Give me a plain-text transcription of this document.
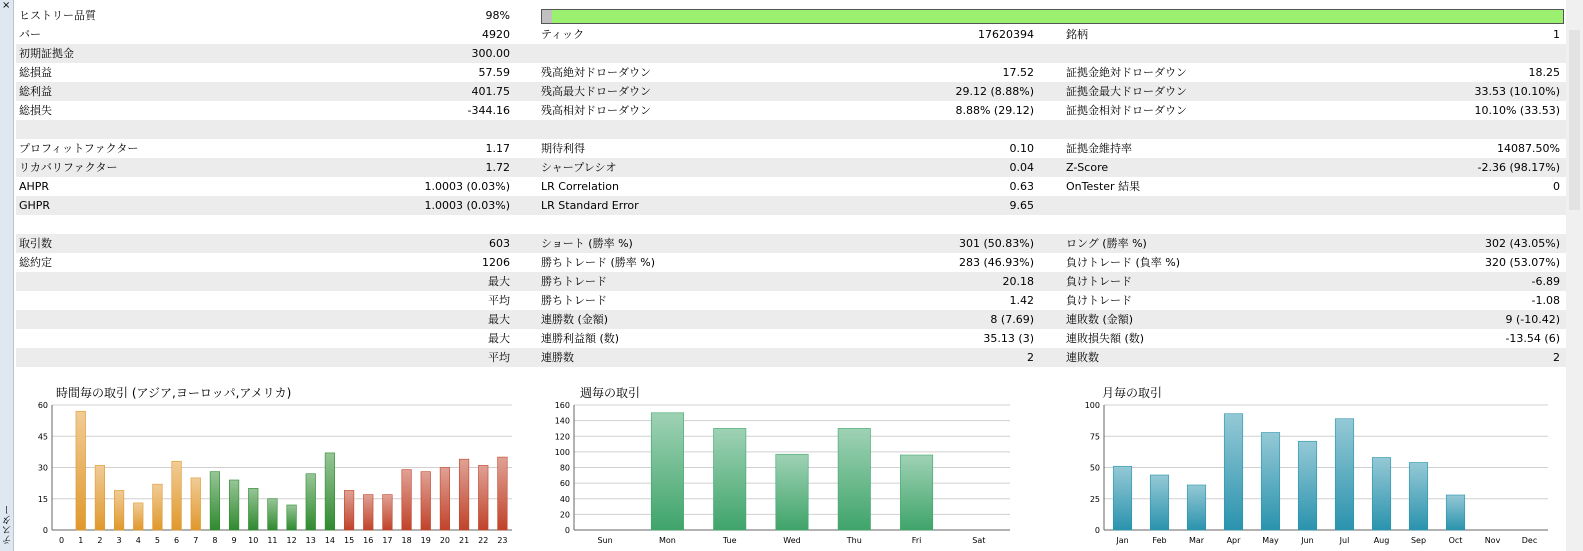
×
テスター
ヒストリー品質	98%
バー	4920	ティック	17620394	銘柄	1
初期証拠金	300.00
総損益	57.59	残高絶対ドローダウン	17.52	証拠金絶対ドローダウン	18.25
総利益	401.75	残高最大ドローダウン	29.12 (8.88%)	証拠金最大ドローダウン	33.53 (10.10%)
総損失	-344.16	残高相対ドローダウン	8.88% (29.12)	証拠金相対ドローダウン	10.10% (33.53)
プロフィットファクター	1.17	期待利得	0.10	証拠金維持率	14087.50%
リカバリファクター	1.72	シャープレシオ	0.04	Z-Score	-2.36 (98.17%)
AHPR	1.0003 (0.03%)	LR Correlation	0.63	OnTester 結果	0
GHPR	1.0003 (0.03%)	LR Standard Error	9.65
取引数	603	ショート (勝率 %)	301 (50.83%)	ロング (勝率 %)	302 (43.05%)
総約定	1206	勝ちトレード (勝率 %)	283 (46.93%)	負けトレード (負率 %)	320 (53.07%)
最大	勝ちトレード	20.18	負けトレード	-6.89
平均	勝ちトレード	1.42	負けトレード	-1.08
最大	連勝数 (金額)	8 (7.69)	連敗数 (金額)	9 (-10.42)
最大	連勝利益額 (数)	35.13 (3)	連敗損失額 (数)	-13.54 (6)
平均	連勝数	2	連敗数	2
時間毎の取引 (アジア,ヨーロッパ,アメリカ)	週毎の取引	月毎の取引
0
15
30
45
60
0 1 2 3 4 5 6 7 8 9 10 11 12 13 14 15 16 17 18 19 20 21 22 23
0
20
40
60
80
100
120
140
160
Sun	Mon	Tue	Wed	Thu	Fri	Sat
0
25
50
75
100
Jan	Feb	Mar	Apr	May	Jun	Jul	Aug	Sep	Oct	Nov	Dec
